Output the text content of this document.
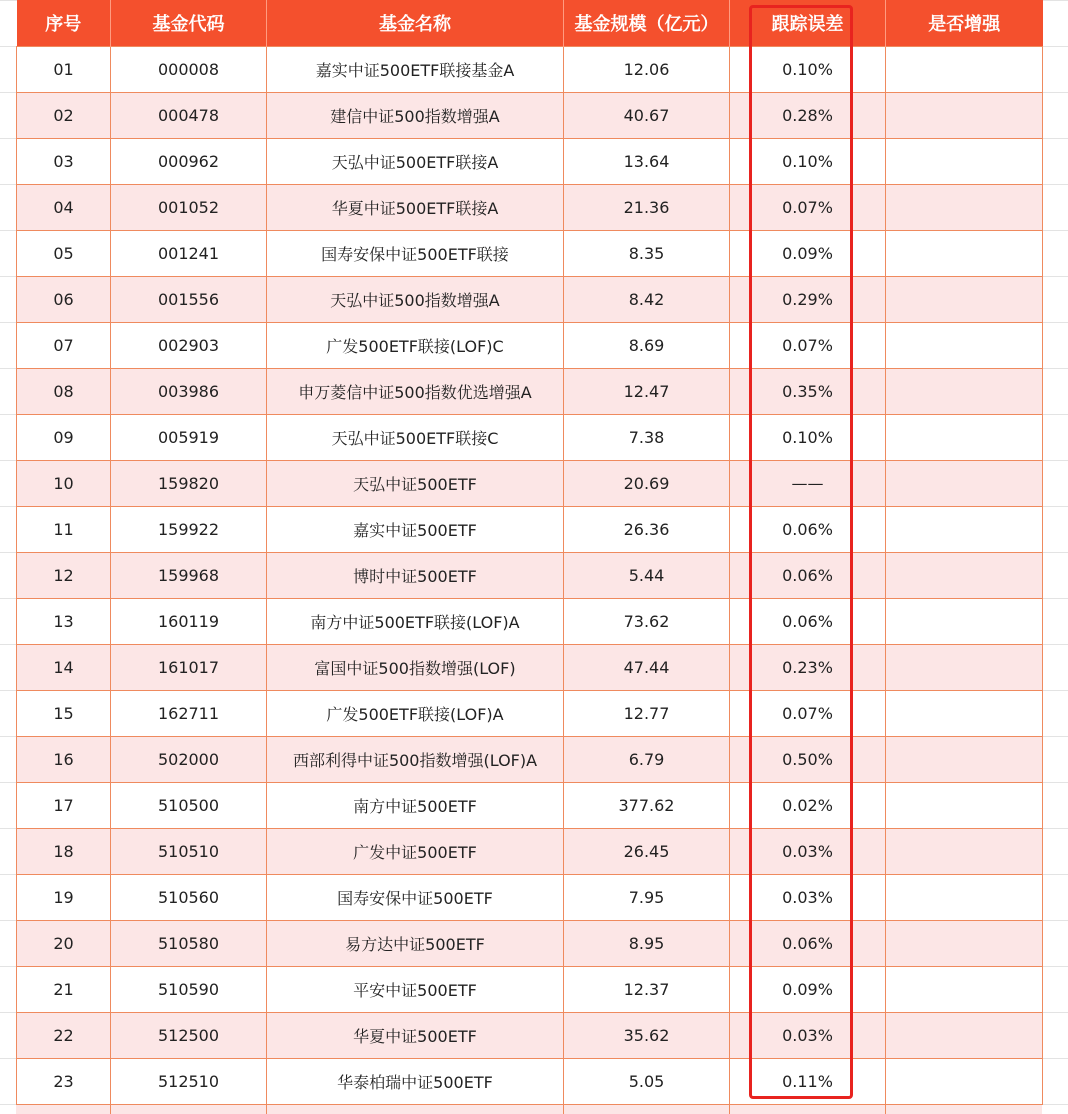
序号	基金代码	基金名称	基金规模（亿元）	跟踪误差	是否增强
01	000008	嘉实中证500ETF联接基金A	12.06	0.10%	
02	000478	建信中证500指数增强A	40.67	0.28%	
03	000962	天弘中证500ETF联接A	13.64	0.10%	
04	001052	华夏中证500ETF联接A	21.36	0.07%	
05	001241	国寿安保中证500ETF联接	8.35	0.09%	
06	001556	天弘中证500指数增强A	8.42	0.29%	
07	002903	广发500ETF联接(LOF)C	8.69	0.07%	
08	003986	申万菱信中证500指数优选增强A	12.47	0.35%	
09	005919	天弘中证500ETF联接C	7.38	0.10%	
10	159820	天弘中证500ETF	20.69	——	
11	159922	嘉实中证500ETF	26.36	0.06%	
12	159968	博时中证500ETF	5.44	0.06%	
13	160119	南方中证500ETF联接(LOF)A	73.62	0.06%	
14	161017	富国中证500指数增强(LOF)	47.44	0.23%	
15	162711	广发500ETF联接(LOF)A	12.77	0.07%	
16	502000	西部利得中证500指数增强(LOF)A	6.79	0.50%	
17	510500	南方中证500ETF	377.62	0.02%	
18	510510	广发中证500ETF	26.45	0.03%	
19	510560	国寿安保中证500ETF	7.95	0.03%	
20	510580	易方达中证500ETF	8.95	0.06%	
21	510590	平安中证500ETF	12.37	0.09%	
22	512500	华夏中证500ETF	35.62	0.03%	
23	512510	华泰柏瑞中证500ETF	5.05	0.11%	
